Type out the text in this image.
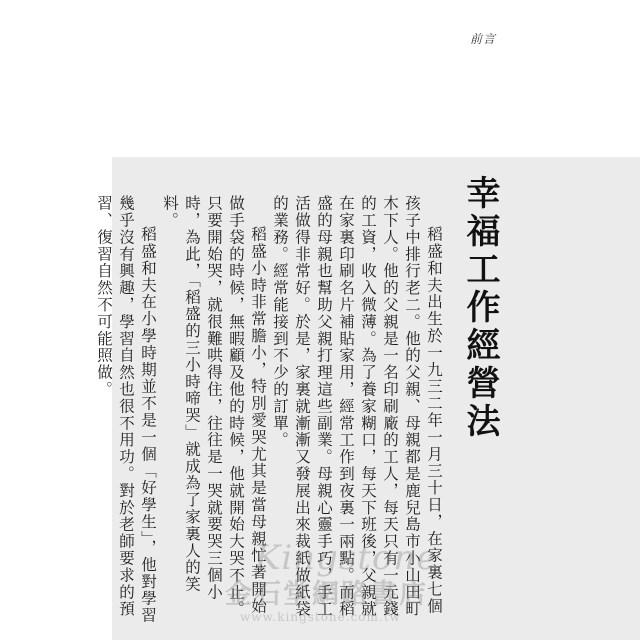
前言
幸福工作經營法

稻盛和夫出生於一九三二年一月三十日，在家裏七個孩子中排行老二。他的父親、母親都是鹿兒島市小山田町木下人。他的父親是一名印刷廠的工人，每天只有一元錢的工資，收入微薄。為了養家糊口，每天下班後，父親就在家裏印刷名片補貼家用，經常工作到夜裏一兩點。而稻盛的母親也幫助父親打理這些副業。母親心靈手巧，手工活做得非常好。於是，家裏就漸漸又發展出來裁紙做紙袋的業務。經常能接到不少的訂單。

稻盛小時非常膽小，特別愛哭尤其是當母親忙著開始做手袋的時候，無暇顧及他的時候，他就開始大哭不止。只要開始哭，就很難哄得住，往往是一哭就要哭三個小時，為此，「稻盛的三小時啼哭」就成為了家裏人的笑料。

稻盛和夫在小學時期並不是一個「好學生」，他對學習幾乎沒有興趣，學習自然也很不用功。對於老師要求的預習、復習自然不可能照做。

Kingstone
金石堂網路書店
www.kingstone.com.tw
